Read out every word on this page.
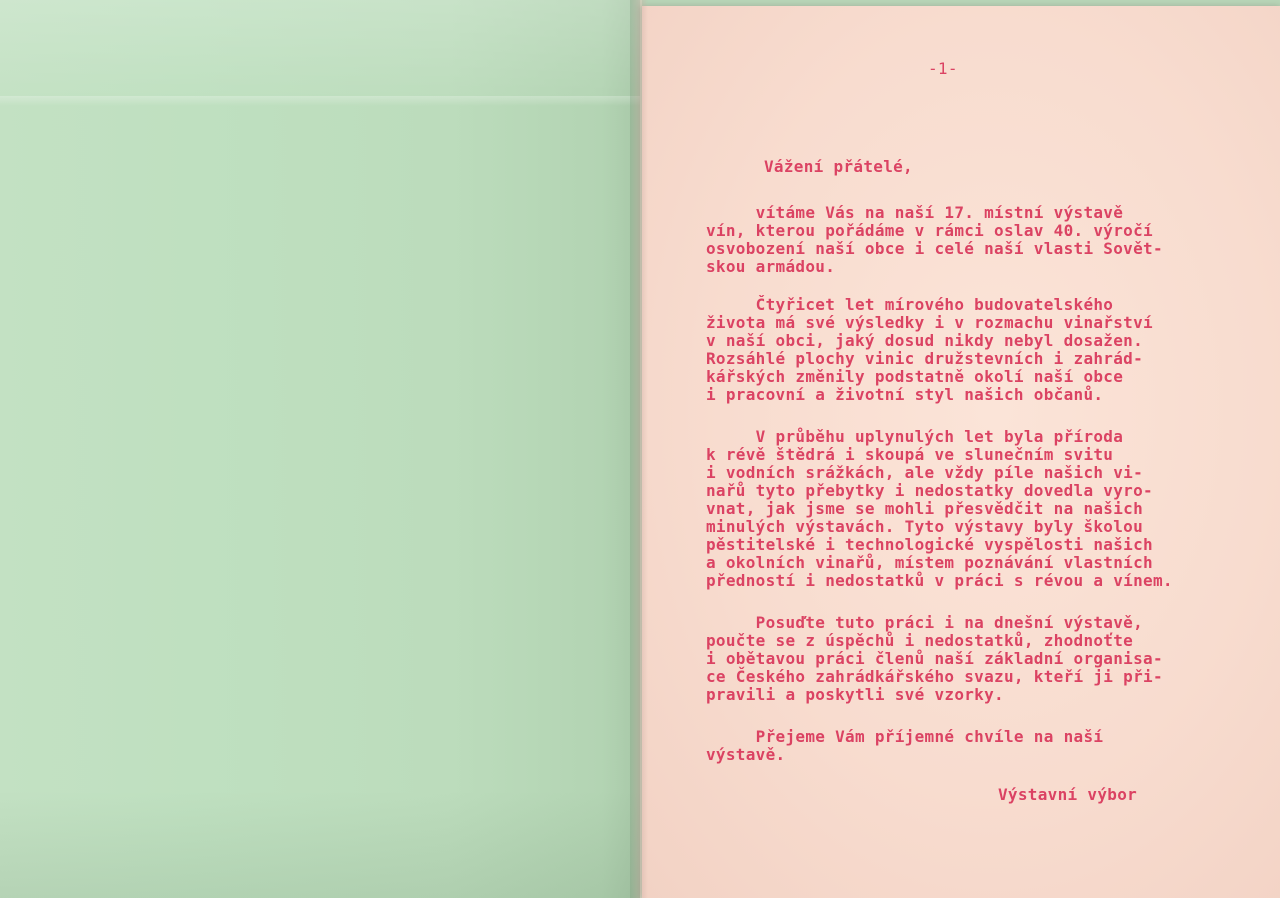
-1-

Vážení přátelé,

vítáme Vás na naší 17. místní výstavě
vín, kterou pořádáme v rámci oslav 40. výročí
osvobození naší obce i celé naší vlasti Sovět-
skou armádou.

Čtyřicet let mírového budovatelského
života má své výsledky i v rozmachu vinařství
v naší obci, jaký dosud nikdy nebyl dosažen.
Rozsáhlé plochy vinic družstevních i zahrád-
kářských změnily podstatně okolí naší obce
i pracovní a životní styl našich občanů.

V průběhu uplynulých let byla příroda
k révě štědrá i skoupá ve slunečním svitu
i vodních srážkách, ale vždy píle našich vi-
nařů tyto přebytky i nedostatky dovedla vyro-
vnat, jak jsme se mohli přesvědčit na našich
minulých výstavách. Tyto výstavy byly školou
pěstitelské i technologické vyspělosti našich
a okolních vinařů, místem poznávání vlastních
předností i nedostatků v práci s révou a vínem.

Posuďte tuto práci i na dnešní výstavě,
poučte se z úspěchů i nedostatků, zhodnoťte
i obětavou práci členů naší základní organisa-
ce Českého zahrádkářského svazu, kteří ji při-
pravili a poskytli své vzorky.

Přejeme Vám příjemné chvíle na naší
výstavě.

Výstavní výbor
